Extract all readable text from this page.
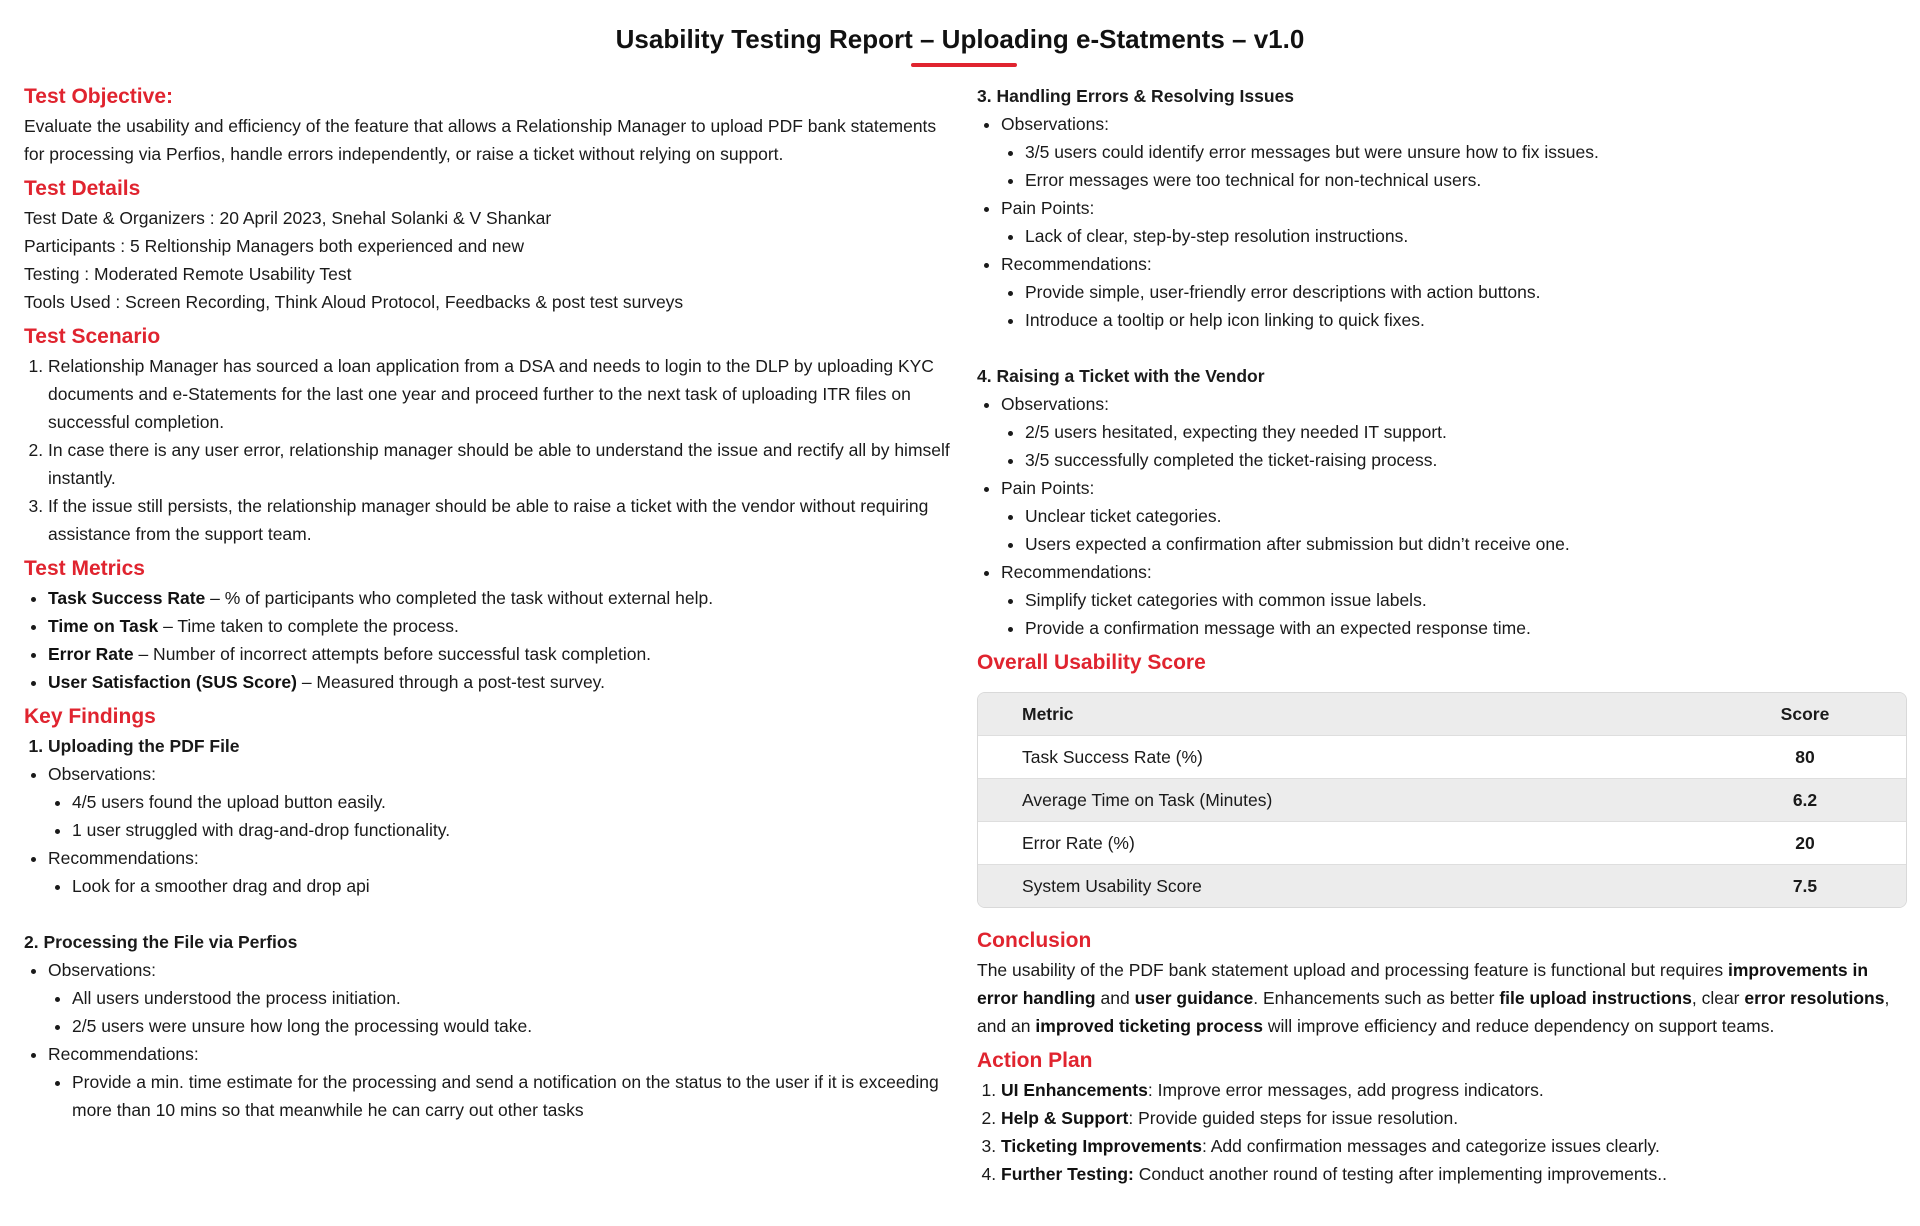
Usability Testing Report – Uploading e-Statments – v1.0
Test Objective:

Evaluate the usability and efficiency of the feature that allows a Relationship Manager to upload PDF bank statements for processing via Perfios, handle errors independently, or raise a ticket without relying on support.

Test Details

Test Date & Organizers : 20 April 2023, Snehal Solanki & V Shankar

Participants : 5 Reltionship Managers both experienced and new

Testing : Moderated Remote Usability Test

Tools Used : Screen Recording, Think Aloud Protocol, Feedbacks & post test surveys

Test Scenario
1. Relationship Manager has sourced a loan application from a DSA and needs to login to the DLP by uploading KYC documents and e-Statements for the last one year and proceed further to the next task of uploading ITR files on successful completion.
2. In case there is any user error, relationship manager should be able to understand the issue and rectify all by himself instantly.
3. If the issue still persists, the relationship manager should be able to raise a ticket with the vendor without requiring assistance from the support team.
Test Metrics
• Task Success Rate – % of participants who completed the task without external help.
• Time on Task – Time taken to complete the process.
• Error Rate – Number of incorrect attempts before successful task completion.
• User Satisfaction (SUS Score) – Measured through a post-test survey.
Key Findings
1. Uploading the PDF File
• Observations:
• 4/5 users found the upload button easily.
• 1 user struggled with drag-and-drop functionality.
• Recommendations:
• Look for a smoother drag and drop api

2. Processing the File via Perfios

• Observations:
• All users understood the process initiation.
• 2/5 users were unsure how long the processing would take.
• Recommendations:
• Provide a min. time estimate for the processing and send a notification on the status to the user if it is exceeding more than 10 mins so that meanwhile he can carry out other tasks

3. Handling Errors & Resolving Issues

• Observations:
• 3/5 users could identify error messages but were unsure how to fix issues.
• Error messages were too technical for non-technical users.
• Pain Points:
• Lack of clear, step-by-step resolution instructions.
• Recommendations:
• Provide simple, user-friendly error descriptions with action buttons.
• Introduce a tooltip or help icon linking to quick fixes.

4. Raising a Ticket with the Vendor

• Observations:
• 2/5 users hesitated, expecting they needed IT support.
• 3/5 successfully completed the ticket-raising process.
• Pain Points:
• Unclear ticket categories.
• Users expected a confirmation after submission but didn’t receive one.
• Recommendations:
• Simplify ticket categories with common issue labels.
• Provide a confirmation message with an expected response time.
Overall Usability Score
Metric	Score
Task Success Rate (%)	80
Average Time on Task (Minutes)	6.2
Error Rate (%)	20
System Usability Score	7.5
Conclusion

The usability of the PDF bank statement upload and processing feature is functional but requires improvements in error handling and user guidance. Enhancements such as better file upload instructions, clear error resolutions, and an improved ticketing process will improve efficiency and reduce dependency on support teams.

Action Plan
1. UI Enhancements: Improve error messages, add progress indicators.
2. Help & Support: Provide guided steps for issue resolution.
3. Ticketing Improvements: Add confirmation messages and categorize issues clearly.
4. Further Testing: Conduct another round of testing after implementing improvements..
